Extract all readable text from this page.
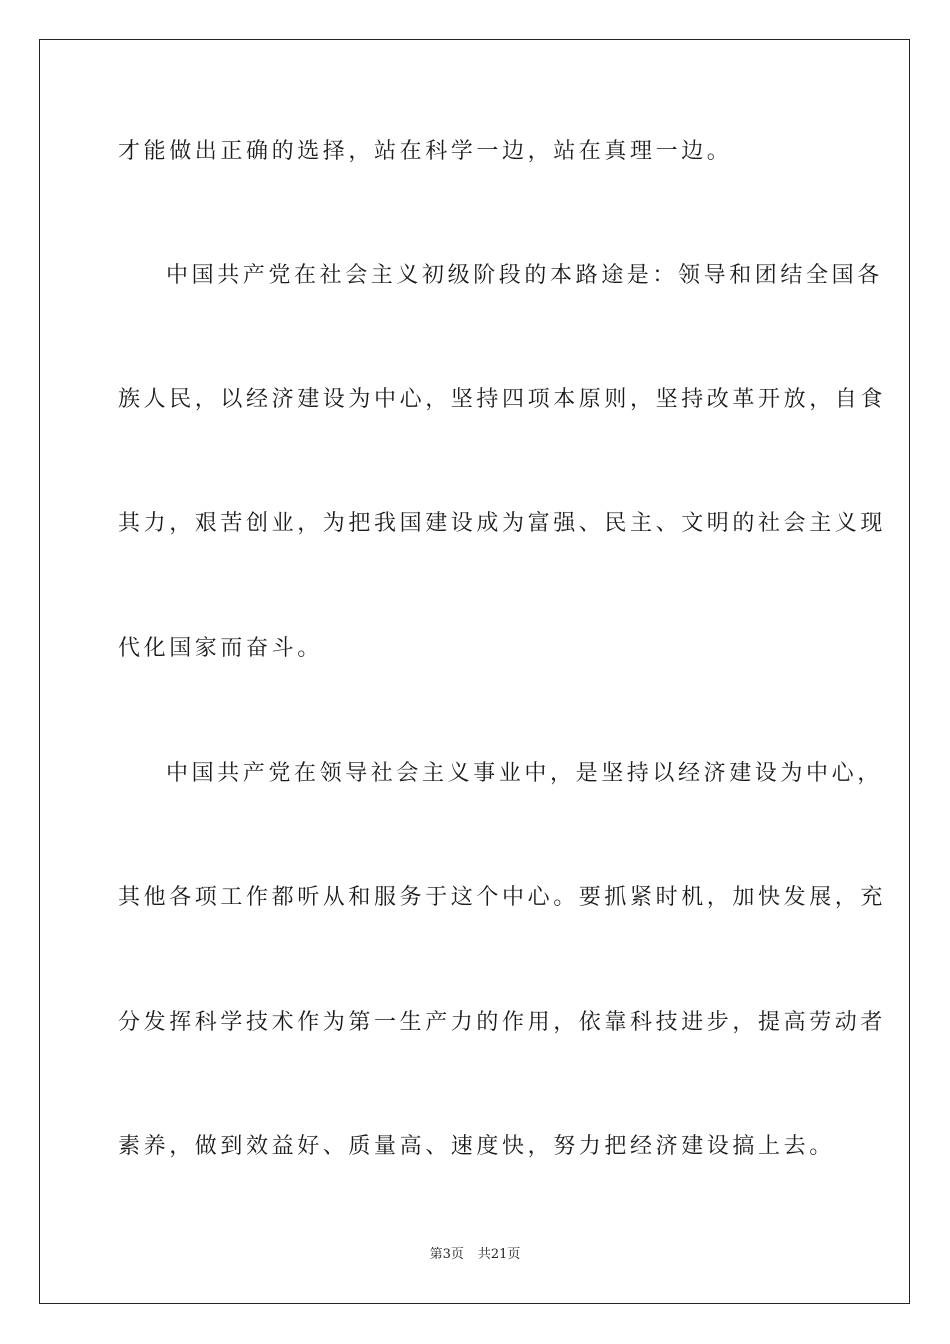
才能做出正确的选择，站在科学一边，站在真理一边。
中国共产党在社会主义初级阶段的本路途是：领导和团结全国各
族人民，以经济建设为中心，坚持四项本原则，坚持改革开放，自食
其力，艰苦创业，为把我国建设成为富强、民主、文明的社会主义现
代化国家而奋斗。
中国共产党在领导社会主义事业中，是坚持以经济建设为中心，
其他各项工作都听从和服务于这个中心。要抓紧时机，加快发展，充
分发挥科学技术作为第一生产力的作用，依靠科技进步，提高劳动者
素养，做到效益好、质量高、速度快，努力把经济建设搞上去。
第3页 共21页
